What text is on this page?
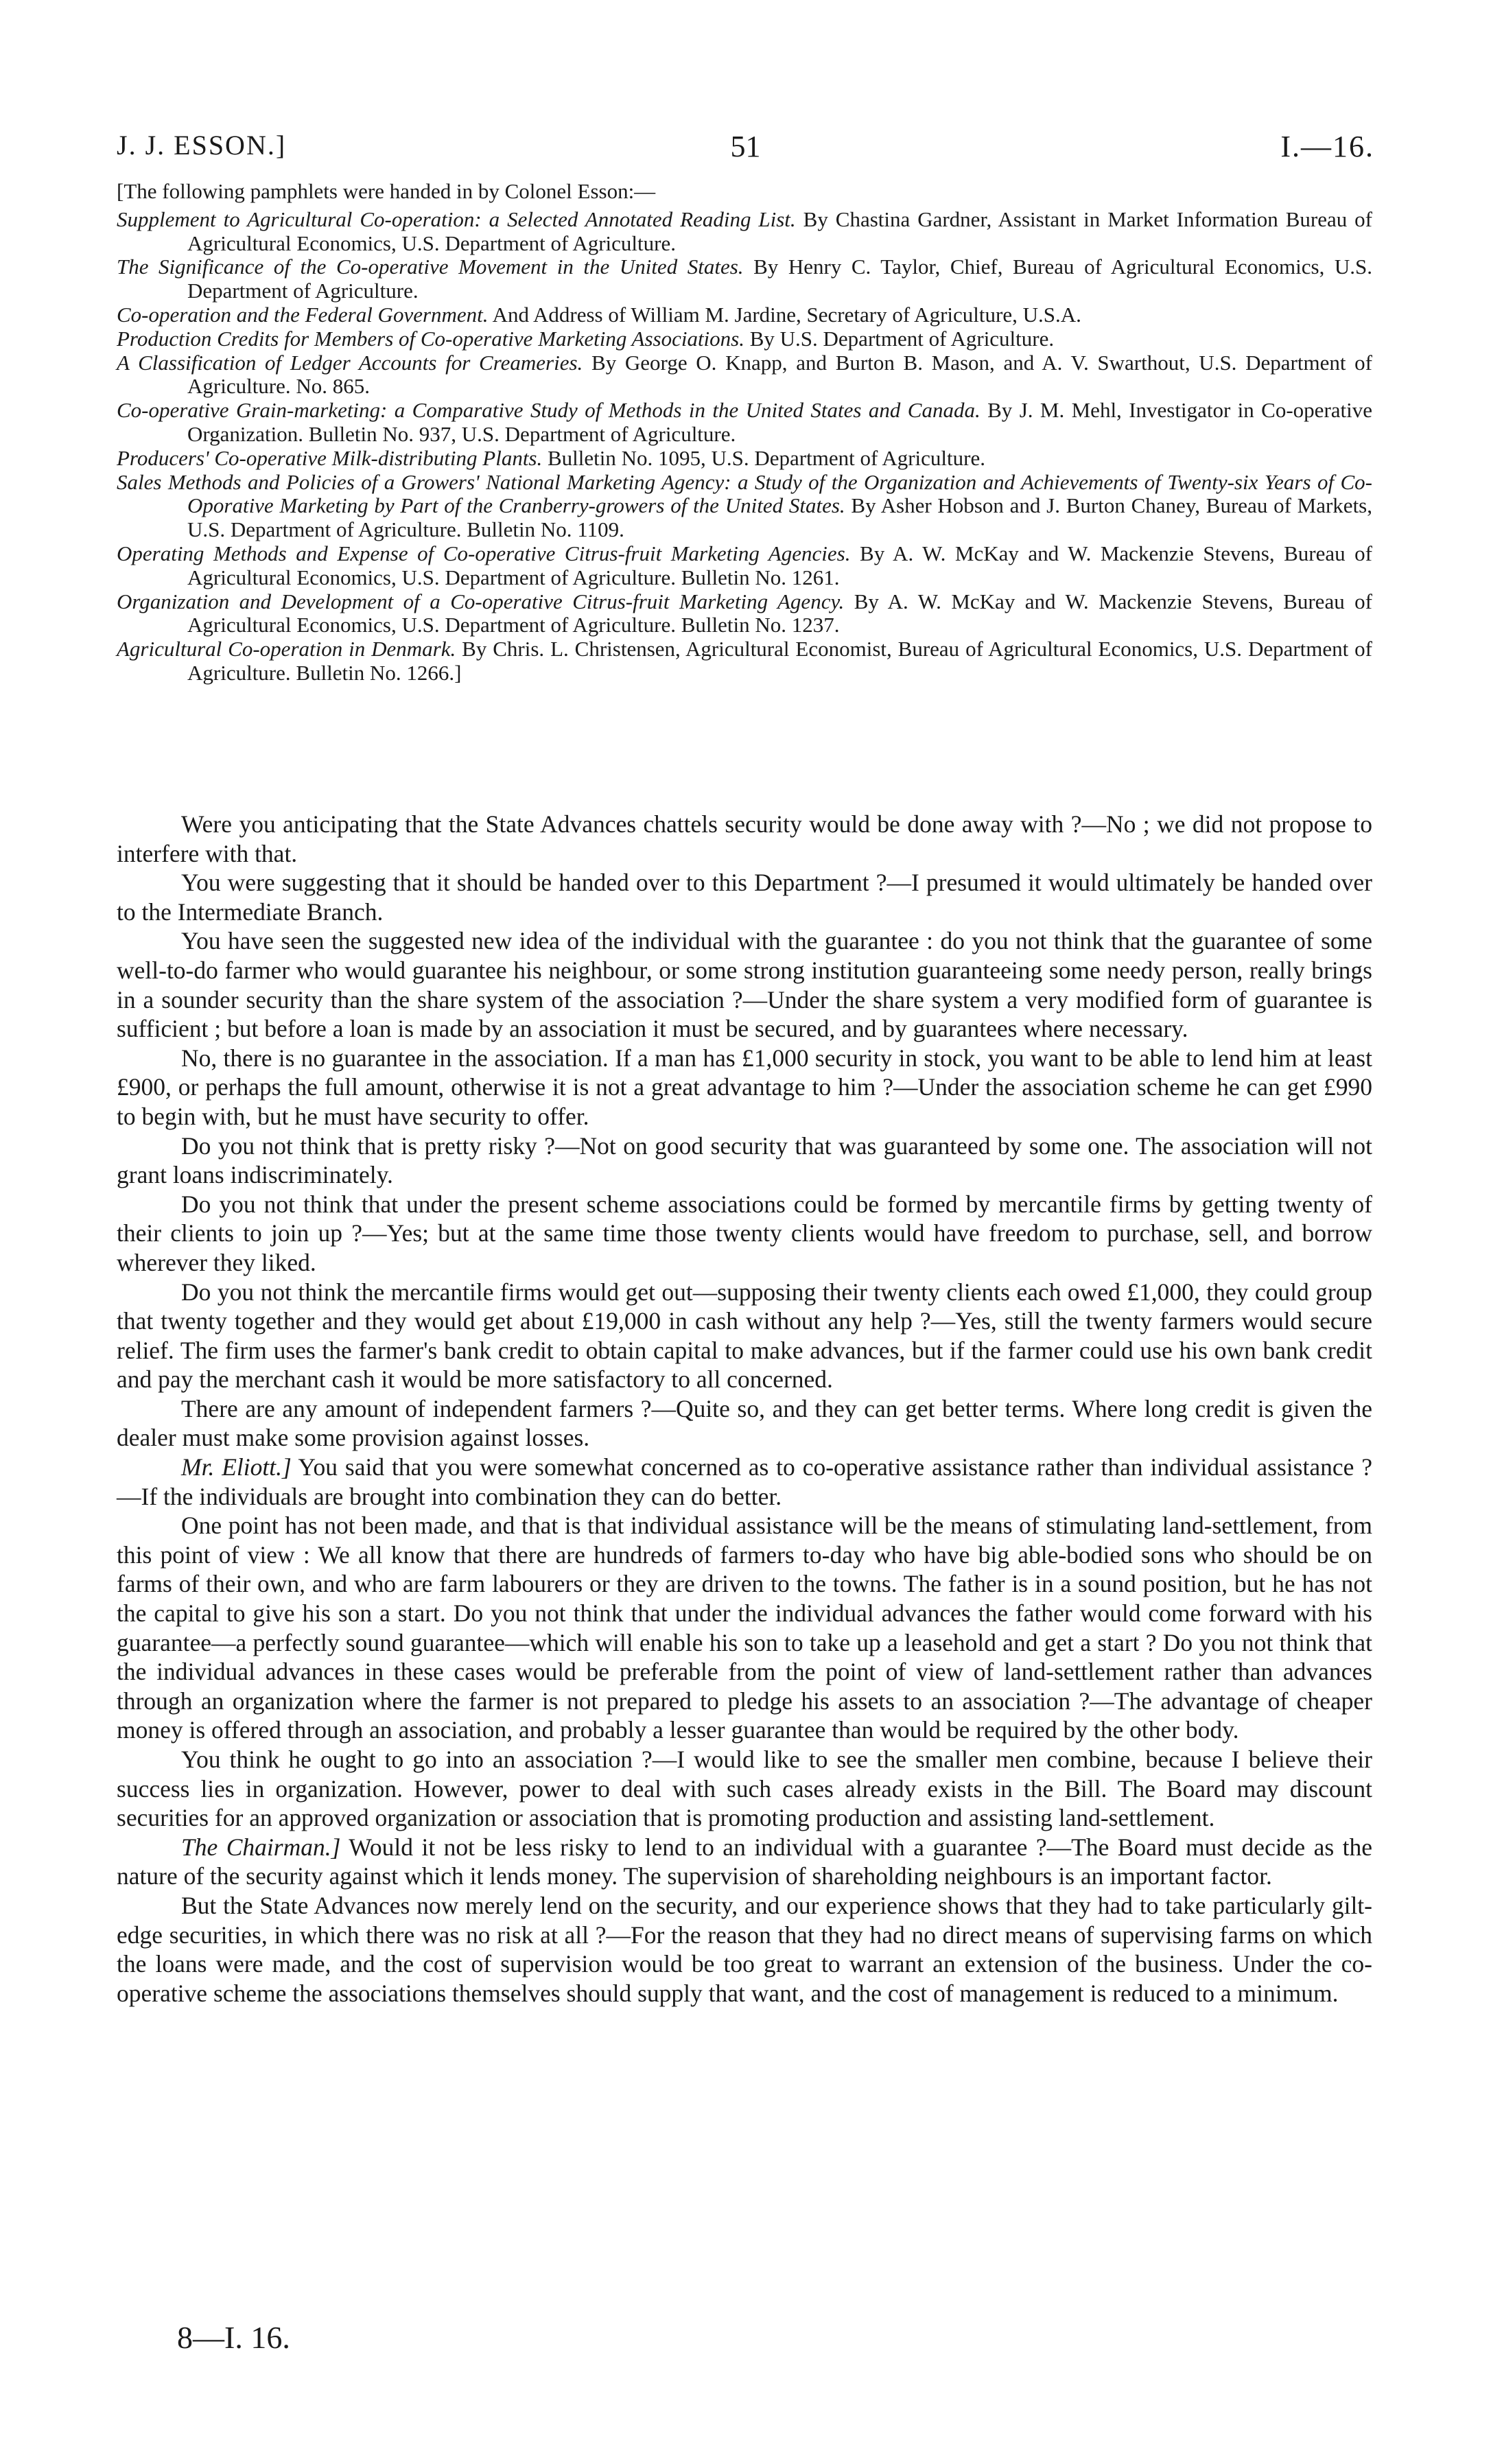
J. J. ESSON.]	51	I.—16.

[The following pamphlets were handed in by Colonel Esson:—

Supplement to Agricultural Co-operation: a Selected Annotated Reading List. By Chastina Gardner, Assistant in Market Information Bureau of Agricultural Economics, U.S. Department of Agriculture.

The Significance of the Co-operative Movement in the United States. By Henry C. Taylor, Chief, Bureau of Agricultural Economics, U.S. Department of Agriculture.

Co-operation and the Federal Government. And Address of William M. Jardine, Secretary of Agriculture, U.S.A.

Production Credits for Members of Co-operative Marketing Associations. By U.S. Department of Agriculture.

A Classification of Ledger Accounts for Creameries. By George O. Knapp, and Burton B. Mason, and A. V. Swarthout, U.S. Department of Agriculture. No. 865.

Co-operative Grain-marketing: a Comparative Study of Methods in the United States and Canada. By J. M. Mehl, Investigator in Co-operative Organization. Bulletin No. 937, U.S. Department of Agriculture.

Producers' Co-operative Milk-distributing Plants. Bulletin No. 1095, U.S. Department of Agriculture.

Sales Methods and Policies of a Growers' National Marketing Agency: a Study of the Organization and Achievements of Twenty-six Years of Co-Oporative Marketing by Part of the Cranberry-growers of the United States. By Asher Hobson and J. Burton Chaney, Bureau of Markets, U.S. Department of Agriculture. Bulletin No. 1109.

Operating Methods and Expense of Co-operative Citrus-fruit Marketing Agencies. By A. W. McKay and W. Mackenzie Stevens, Bureau of Agricultural Economics, U.S. Department of Agriculture. Bulletin No. 1261.

Organization and Development of a Co-operative Citrus-fruit Marketing Agency. By A. W. McKay and W. Mackenzie Stevens, Bureau of Agricultural Economics, U.S. Department of Agriculture. Bulletin No. 1237.

Agricultural Co-operation in Denmark. By Chris. L. Christensen, Agricultural Economist, Bureau of Agricultural Economics, U.S. Department of Agriculture. Bulletin No. 1266.]

Were you anticipating that the State Advances chattels security would be done away with ?—No ; we did not propose to interfere with that.

You were suggesting that it should be handed over to this Department ?—I presumed it would ultimately be handed over to the Intermediate Branch.

You have seen the suggested new idea of the individual with the guarantee : do you not think that the guarantee of some well-to-do farmer who would guarantee his neighbour, or some strong institution guaranteeing some needy person, really brings in a sounder security than the share system of the association ?—Under the share system a very modified form of guarantee is sufficient ; but before a loan is made by an association it must be secured, and by guarantees where necessary.

No, there is no guarantee in the association. If a man has £1,000 security in stock, you want to be able to lend him at least £900, or perhaps the full amount, otherwise it is not a great advantage to him ?—Under the association scheme he can get £990 to begin with, but he must have security to offer.

Do you not think that is pretty risky ?—Not on good security that was guaranteed by some one. The association will not grant loans indiscriminately.

Do you not think that under the present scheme associations could be formed by mercantile firms by getting twenty of their clients to join up ?—Yes; but at the same time those twenty clients would have freedom to purchase, sell, and borrow wherever they liked.

Do you not think the mercantile firms would get out—supposing their twenty clients each owed £1,000, they could group that twenty together and they would get about £19,000 in cash without any help ?—Yes, still the twenty farmers would secure relief. The firm uses the farmer's bank credit to obtain capital to make advances, but if the farmer could use his own bank credit and pay the merchant cash it would be more satisfactory to all concerned.

There are any amount of independent farmers ?—Quite so, and they can get better terms. Where long credit is given the dealer must make some provision against losses.

Mr. Eliott.] You said that you were somewhat concerned as to co-operative assistance rather than individual assistance ?—If the individuals are brought into combination they can do better.

One point has not been made, and that is that individual assistance will be the means of stimulating land-settlement, from this point of view : We all know that there are hundreds of farmers to-day who have big able-bodied sons who should be on farms of their own, and who are farm labourers or they are driven to the towns. The father is in a sound position, but he has not the capital to give his son a start. Do you not think that under the individual advances the father would come forward with his guarantee—a perfectly sound guarantee—which will enable his son to take up a leasehold and get a start ? Do you not think that the individual advances in these cases would be preferable from the point of view of land-settlement rather than advances through an organization where the farmer is not prepared to pledge his assets to an association ?—The advantage of cheaper money is offered through an association, and probably a lesser guarantee than would be required by the other body.

You think he ought to go into an association ?—I would like to see the smaller men combine, because I believe their success lies in organization. However, power to deal with such cases already exists in the Bill. The Board may discount securities for an approved organization or association that is promoting production and assisting land-settlement.

The Chairman.] Would it not be less risky to lend to an individual with a guarantee ?—The Board must decide as the nature of the security against which it lends money. The supervision of shareholding neighbours is an important factor.

But the State Advances now merely lend on the security, and our experience shows that they had to take particularly gilt-edge securities, in which there was no risk at all ?—For the reason that they had no direct means of supervising farms on which the loans were made, and the cost of supervision would be too great to warrant an extension of the business. Under the co-operative scheme the associations themselves should supply that want, and the cost of management is reduced to a minimum.

8—I. 16.
